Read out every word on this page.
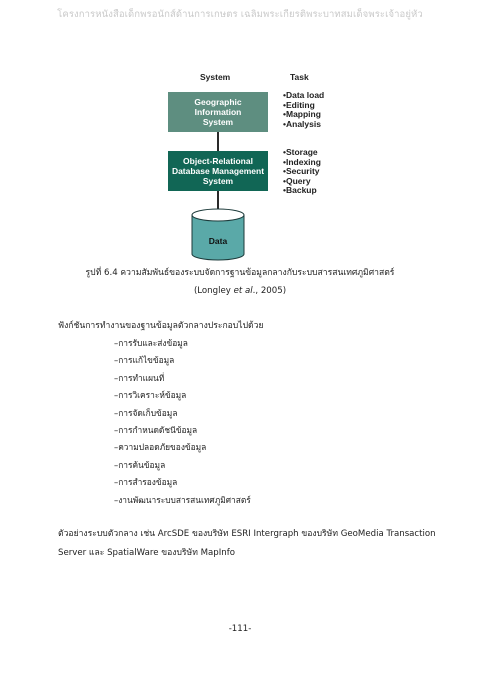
โครงการหนังสือเด็กพรอนักส์ด้านการเกษตร เฉลิมพระเกียรติพระบาทสมเด็จพระเจ้าอยู่หัว
System	Task
Geographic
Information
System
Object-Relational
Database Management
System
• Data load
• Editing
• Mapping
• Analysis
• Storage
• Indexing
• Security
• Query
• Backup
Data
รูปที่ 6.4 ความสัมพันธ์ของระบบจัดการฐานข้อมูลกลางกับระบบสารสนเทศภูมิศาสตร์
(Longley et al., 2005)
ฟังก์ชันการทำงานของฐานข้อมูลตัวกลางประกอบไปด้วย
– การรับและส่งข้อมูล
– การแก้ไขข้อมูล
– การทำแผนที่
– การวิเคราะห์ข้อมูล
– การจัดเก็บข้อมูล
– การกำหนดดัชนีข้อมูล
– ความปลอดภัยของข้อมูล
– การค้นข้อมูล
– การสำรองข้อมูล
– งานพัฒนาระบบสารสนเทศภูมิศาสตร์
ตัวอย่างระบบตัวกลาง เช่น ArcSDE ของบริษัท ESRI Intergraph ของบริษัท GeoMedia Transaction Server และ SpatialWare ของบริษัท MapInfo
-111-
